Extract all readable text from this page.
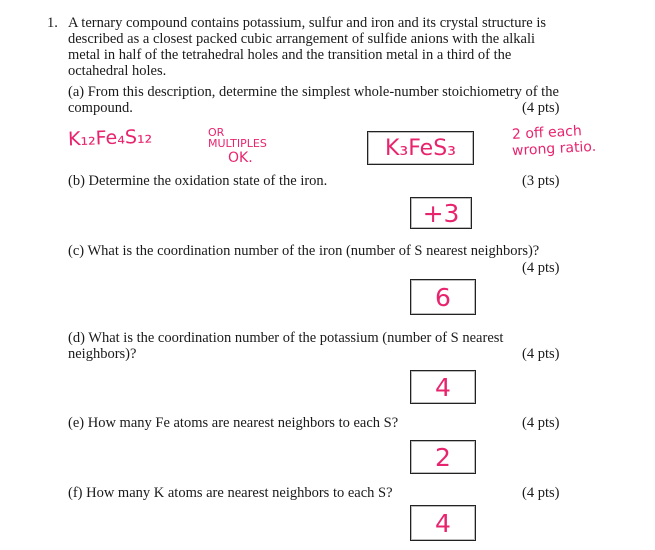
1. A ternary compound contains potassium, sulfur and iron and its crystal structure is
described as a closest packed cubic arrangement of sulfide anions with the alkali
metal in half of the tetrahedral holes and the transition metal in a third of the
octahedral holes.
(a) From this description, determine the simplest whole-number stoichiometry of the
compound.	(4 pts)
K₁₂Fe₄S₁₂	OR
MULTIPLES
OK.	K₃FeS₃
2 off each
wrong ratio.
(b) Determine the oxidation state of the iron.	(3 pts)
+3
(c) What is the coordination number of the iron (number of S nearest neighbors)?
(4 pts)
6
(d) What is the coordination number of the potassium (number of S nearest
neighbors)?	(4 pts)
4
(e) How many Fe atoms are nearest neighbors to each S?	(4 pts)
2
(f) How many K atoms are nearest neighbors to each S?	(4 pts)
4
